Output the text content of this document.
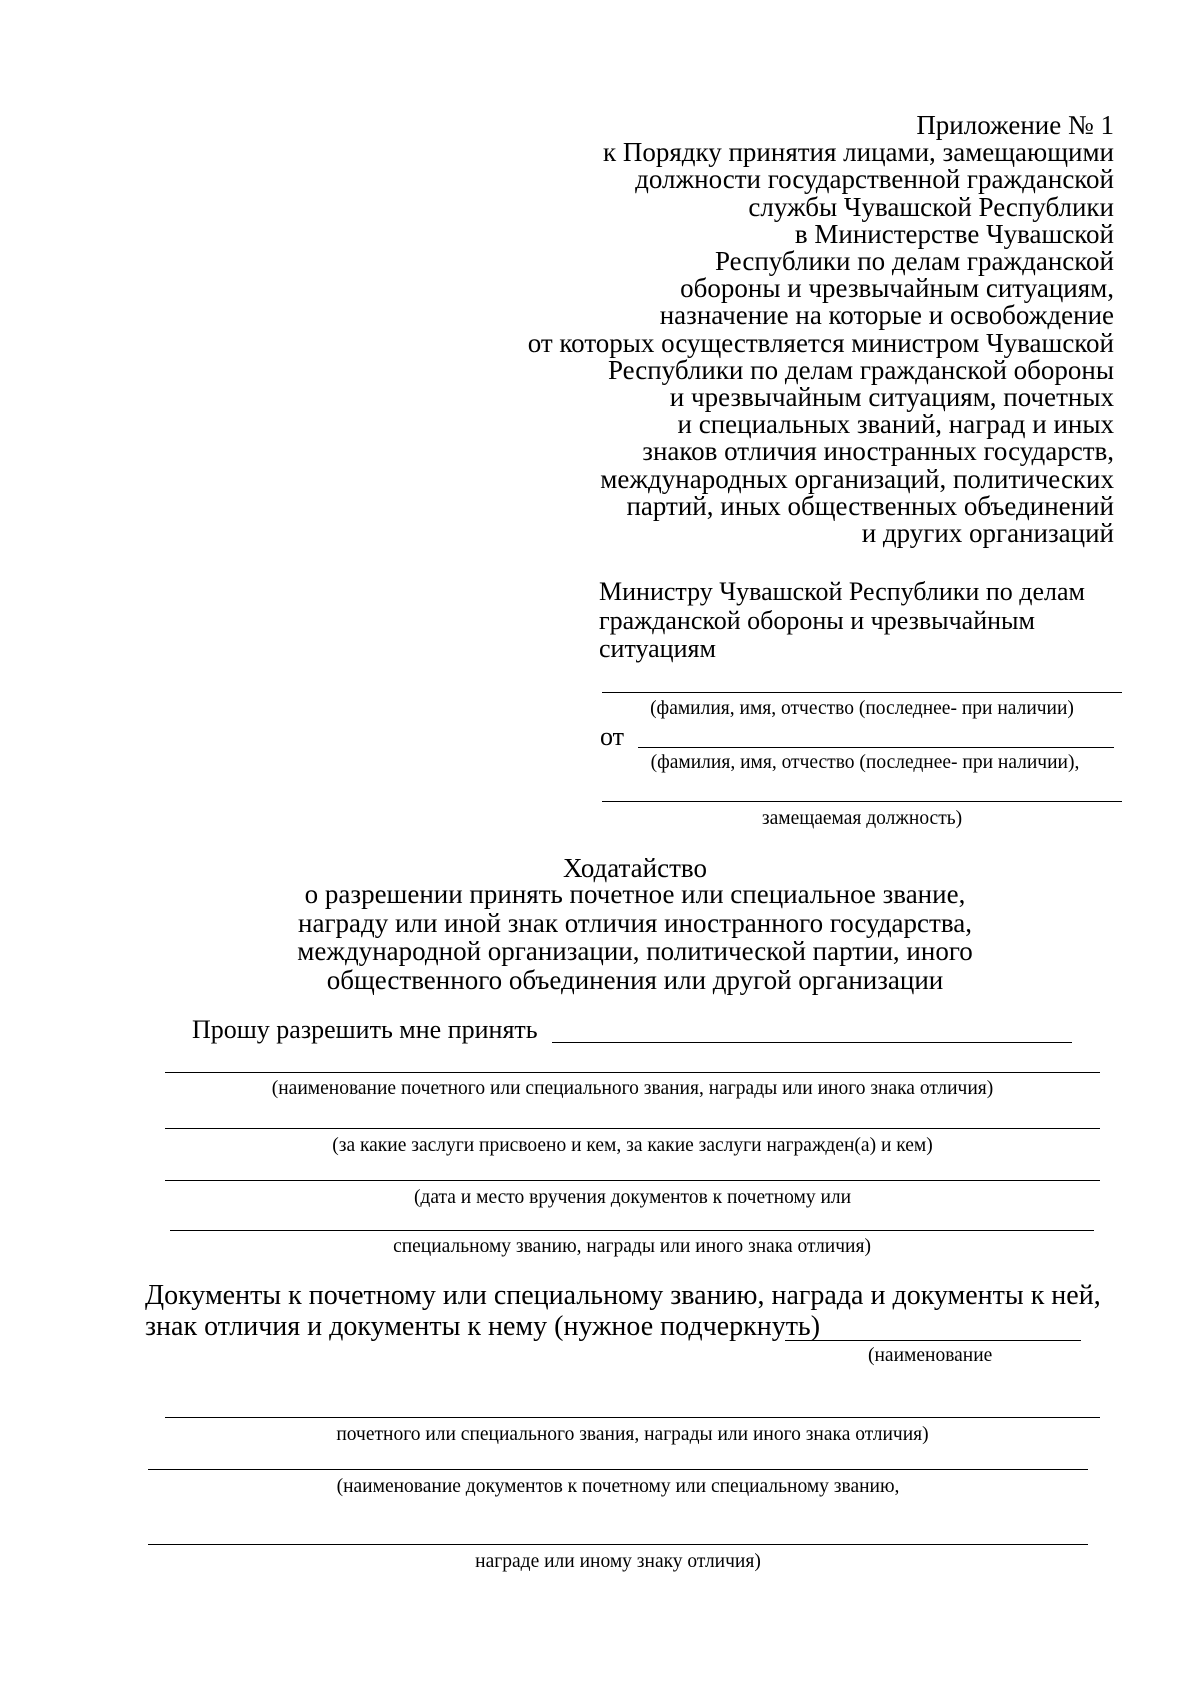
Приложение № 1
к Порядку принятия лицами, замещающими
должности государственной гражданской
службы Чувашской Республики
в Министерстве Чувашской
Республики по делам гражданской
обороны и чрезвычайным ситуациям,
назначение на которые и освобождение
от которых осуществляется министром Чувашской
Республики по делам гражданской обороны
и чрезвычайным ситуациям, почетных
и специальных званий, наград и иных
знаков отличия иностранных государств,
международных организаций, политических
партий, иных общественных объединений
и других организаций
Министру Чувашской Республики по делам
гражданской обороны и чрезвычайным
ситуациям
(фамилия, имя, отчество (последнее- при наличии)
от
(фамилия, имя, отчество (последнее- при наличии),
замещаемая должность)
Ходатайство
о разрешении принять почетное или специальное звание,
награду или иной знак отличия иностранного государства,
международной организации, политической партии, иного
общественного объединения или другой организации
Прошу разрешить мне принять
(наименование почетного или специального звания, награды или иного знака отличия)
(за какие заслуги присвоено и кем, за какие заслуги награжден(а) и кем)
(дата и место вручения документов к почетному или
специальному званию, награды или иного знака отличия)
Документы к почетному или специальному званию, награда и документы к ней,
знак отличия и документы к нему (нужное подчеркнуть)
(наименование
почетного или специального звания, награды или иного знака отличия)
(наименование документов к почетному или специальному званию,
награде или иному знаку отличия)
